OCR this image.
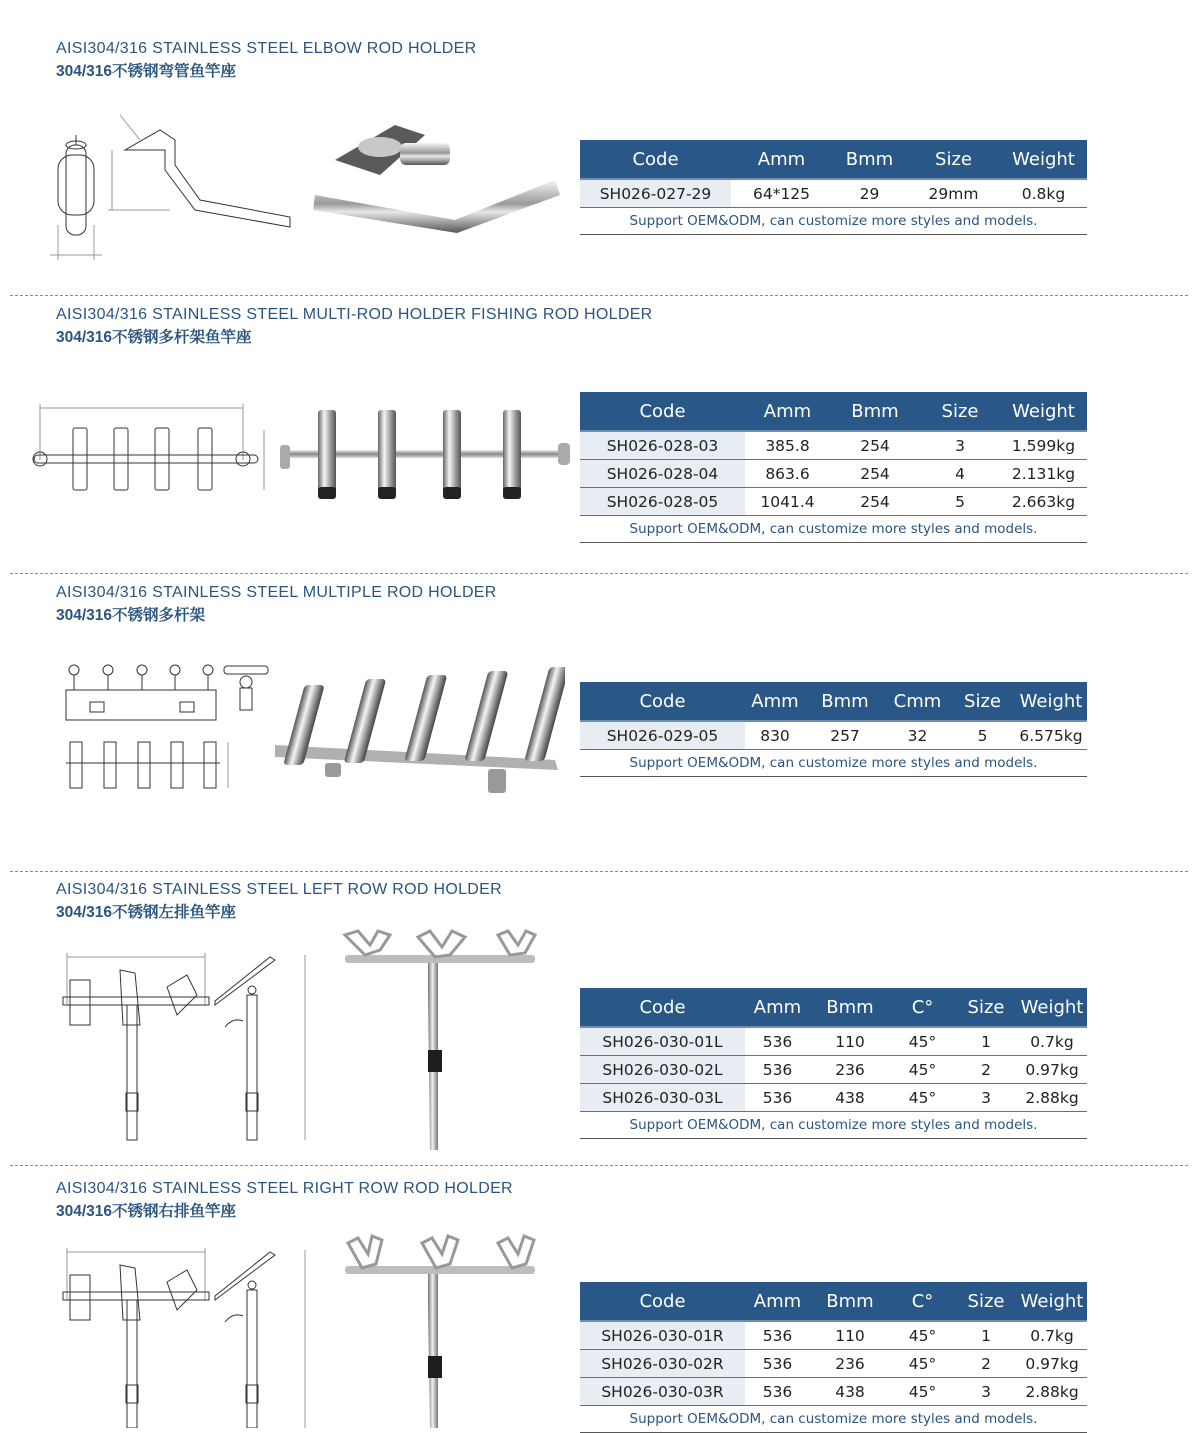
AISI304/316 STAINLESS STEEL ELBOW ROD HOLDER
304/316不锈钢弯管鱼竿座
Code	Amm	Bmm	Size	Weight
SH026-027-29	64*125	29	29mm	0.8kg
Support OEM&ODM, can customize more styles and models.				
AISI304/316 STAINLESS STEEL MULTI-ROD HOLDER FISHING ROD HOLDER
304/316不锈钢多杆架鱼竿座
Code	Amm	Bmm	Size	Weight
SH026-028-03	385.8	254	3	1.599kg
SH026-028-04	863.6	254	4	2.131kg
SH026-028-05	1041.4	254	5	2.663kg
Support OEM&ODM, can customize more styles and models.				
AISI304/316 STAINLESS STEEL MULTIPLE ROD HOLDER
304/316不锈钢多杆架
Code	Amm	Bmm	Cmm	Size	Weight
SH026-029-05	830	257	32	5	6.575kg
Support OEM&ODM, can customize more styles and models.					
AISI304/316 STAINLESS STEEL LEFT ROW ROD HOLDER
304/316不锈钢左排鱼竿座
Code	Amm	Bmm	C°	Size	Weight
SH026-030-01L	536	110	45°	1	0.7kg
SH026-030-02L	536	236	45°	2	0.97kg
SH026-030-03L	536	438	45°	3	2.88kg
Support OEM&ODM, can customize more styles and models.					
AISI304/316 STAINLESS STEEL RIGHT ROW ROD HOLDER
304/316不锈钢右排鱼竿座
Code	Amm	Bmm	C°	Size	Weight
SH026-030-01R	536	110	45°	1	0.7kg
SH026-030-02R	536	236	45°	2	0.97kg
SH026-030-03R	536	438	45°	3	2.88kg
Support OEM&ODM, can customize more styles and models.					
